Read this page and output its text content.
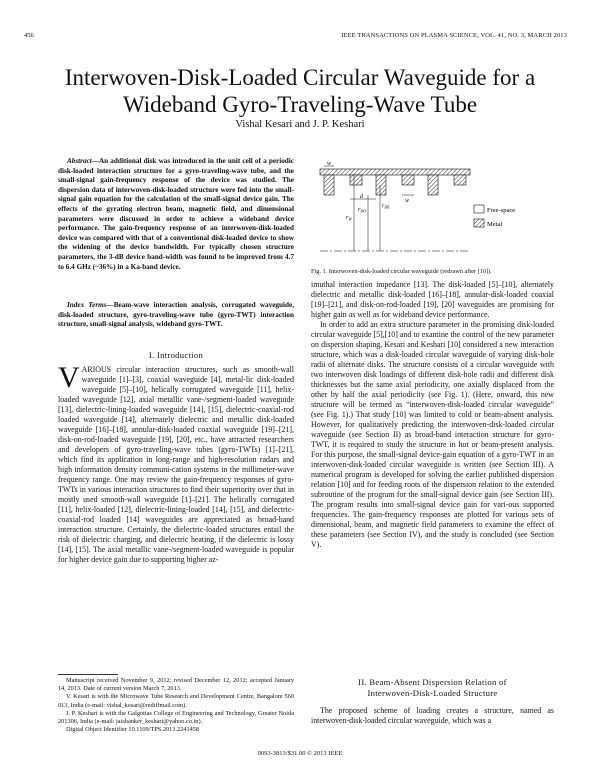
456	IEEE TRANSACTIONS ON PLASMA SCIENCE, VOL. 41, NO. 3, MARCH 2013
Interwoven-Disk-Loaded Circular Waveguide for a
Wideband Gyro-Traveling-Wave Tube
Vishal Kesari and J. P. Keshari
Abstract—An additional disk was introduced in the unit cell of a periodic disk-loaded interaction structure for a gyro-traveling-wave tube, and the small-signal gain-frequency response of the device was studied. The dispersion data of interwoven-disk-loaded structure were fed into the small-signal gain equation for the calculation of the small-signal device gain. The effects of the gyrating electron beam, magnetic field, and dimensional parameters were discussed in order to achieve a wideband device performance. The gain-frequency response of an interwoven-disk-loaded device was compared with that of a conventional disk-loaded device to show the widening of the device bandwidth. For typically chosen structure parameters, the 3-dB device band-width was found to be improved from 4.7 to 6.4 GHz (~36%) in a Ka-band device.
Index Terms—Beam-wave interaction analysis, corrugated waveguide, disk-loaded structure, gyro-traveling-wave tube (gyro-TWT) interaction structure, small-signal analysis, wideband gyro-TWT.
I. Introduction

VARIOUS circular interaction structures, such as smooth-wall waveguide [1]–[3], coaxial waveguide [4], metal-lic disk-loaded waveguide [5]–[10], helically corrugated waveguide [11], helix-loaded waveguide [12], axial metallic vane-/segment-loaded waveguide [13], dielectric-lining-loaded waveguide [14], [15], dielectric-coaxial-rod loaded waveguide [14], alternately dielectric and metallic disk-loaded waveguide [16]–[18], annular-disk-loaded coaxial waveguide [19]–[21], disk-on-rod-loaded waveguide [19], [20], etc., have attracted researchers and developers of gyro-traveling-wave tubes (gyro-TWTs) [1]–[21], which find its application in long-range and high-resolution radars and high information density communi-cation systems in the millimeter-wave frequency range. One may review the gain-frequency responses of gyro-TWTs in various interaction structures to find their superiority over that in mostly used smooth-wall waveguide [1]–[21]. The helically corrugated [11], helix-loaded [12], dielectric-lining-loaded [14], [15], and dielectric-coaxial-rod loaded [14] waveguides are appreciated as broad-band interaction structure. Certainly, the dielectric-loaded structures entail the risk of dielectric charging, and dielectric heating, if the dielectric is lossy [14], [15]. The axial metallic vane-/segment-loaded waveguide is popular for higher device gain due to supporting higher az-

Manuscript received November 9, 2012; revised December 12, 2012; accepted January 14, 2013. Date of current version March 7, 2013.

V. Kesari is with the Microwave Tube Research and Development Centre, Bangalore 560 013, India (e-mail: vishal_kesari@rediffmail.com).

J. P. Keshari is with the Galgotias College of Engineering and Technology, Greater Noida 201306, India (e-mail: jaishanker_keshari@yahoo.co.in).

Digital Object Identifier 10.1109/TPS.2013.2241458

w
d
$r_W$
$r_{DO}$
$r_{DE}$
w
Free-space
Metal
Fig. 1. Interwoven-disk-loaded circular waveguide (redrawn after [10]).

imuthal interaction impedance [13]. The disk-loaded [5]–[10], alternately dielectric and metallic disk-loaded [16]–[18], annular-disk-loaded coaxial [19]–[21], and disk-on-rod-loaded [19], [20] waveguides are promising for higher gain as well as for wideband device performance.

In order to add an extra structure parameter in the promising disk-loaded circular waveguide [5],[10] and to examine the control of the new parameter on dispersion shaping, Kesari and Keshari [10] considered a new interaction structure, which was a disk-loaded circular waveguide of varying disk-hole radii of alternate disks. The structure consists of a circular waveguide with two interwoven disk loadings of different disk-hole radii and different disk thicknesses but the same axial periodicity, one axially displaced from the other by half the axial periodicity (see Fig. 1). (Here, onward, this new structure will be termed as “interwoven-disk-loaded circular waveguide” (see Fig. 1).) That study [10] was limited to cold or beam-absent analysis. However, for qualitatively predicting the interwoven-disk-loaded circular waveguide (see Section II) as broad-band interaction structure for gyro-TWT, it is required to study the structure in hot or beam-present analysis. For this purpose, the small-signal device-gain equation of a gyro-TWT in an interwoven-disk-loaded circular waveguide is written (see Section III). A numerical program is developed for solving the earlier published dispersion relation [10] and for feeding roots of the dispersion relation to the extended subroutine of the program for the small-signal device gain (see Section III). The program results into small-signal device gain for vari-ous supported frequencies. The gain-frequency responses are plotted for various sets of dimensional, beam, and magnetic field parameters to examine the effect of these parameters (see Section IV), and the study is concluded (see Section V).

II. Beam-Absent Dispersion Relation of
Interwoven-Disk-Loaded Structure

The proposed scheme of loading creates a structure, named as interwoven-disk-loaded circular waveguide, which was a

0093-3813/$31.00 © 2013 IEEE
